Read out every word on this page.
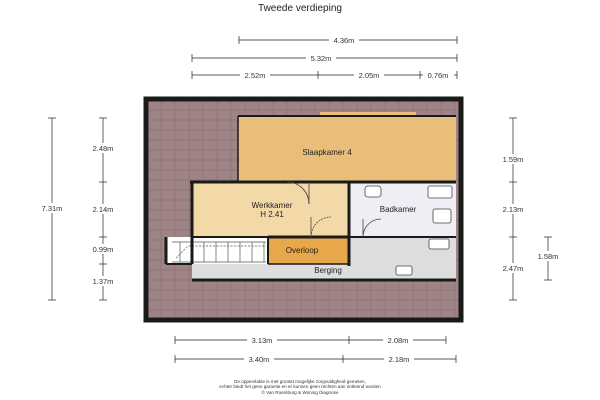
Tweede verdieping
Slaapkamer 4
Werkkamer
H 2.41
Badkamer
Overloop
Berging
4.36m
5.32m
2.52m	2.05m	0.76m
7.31m
2.48m
2.14m
0.99m
1.37m
1.59m
2.13m
2.47m
1.58m
3.13m	2.08m
3.40m	2.18m
De oppervlakte is met grootst mogelijke zorgvuldigheid gemeten,
echter biedt het geen garantie en er kunnen geen rechten aan ontleend worden
© Van Roemburg & Woning Diagnose
